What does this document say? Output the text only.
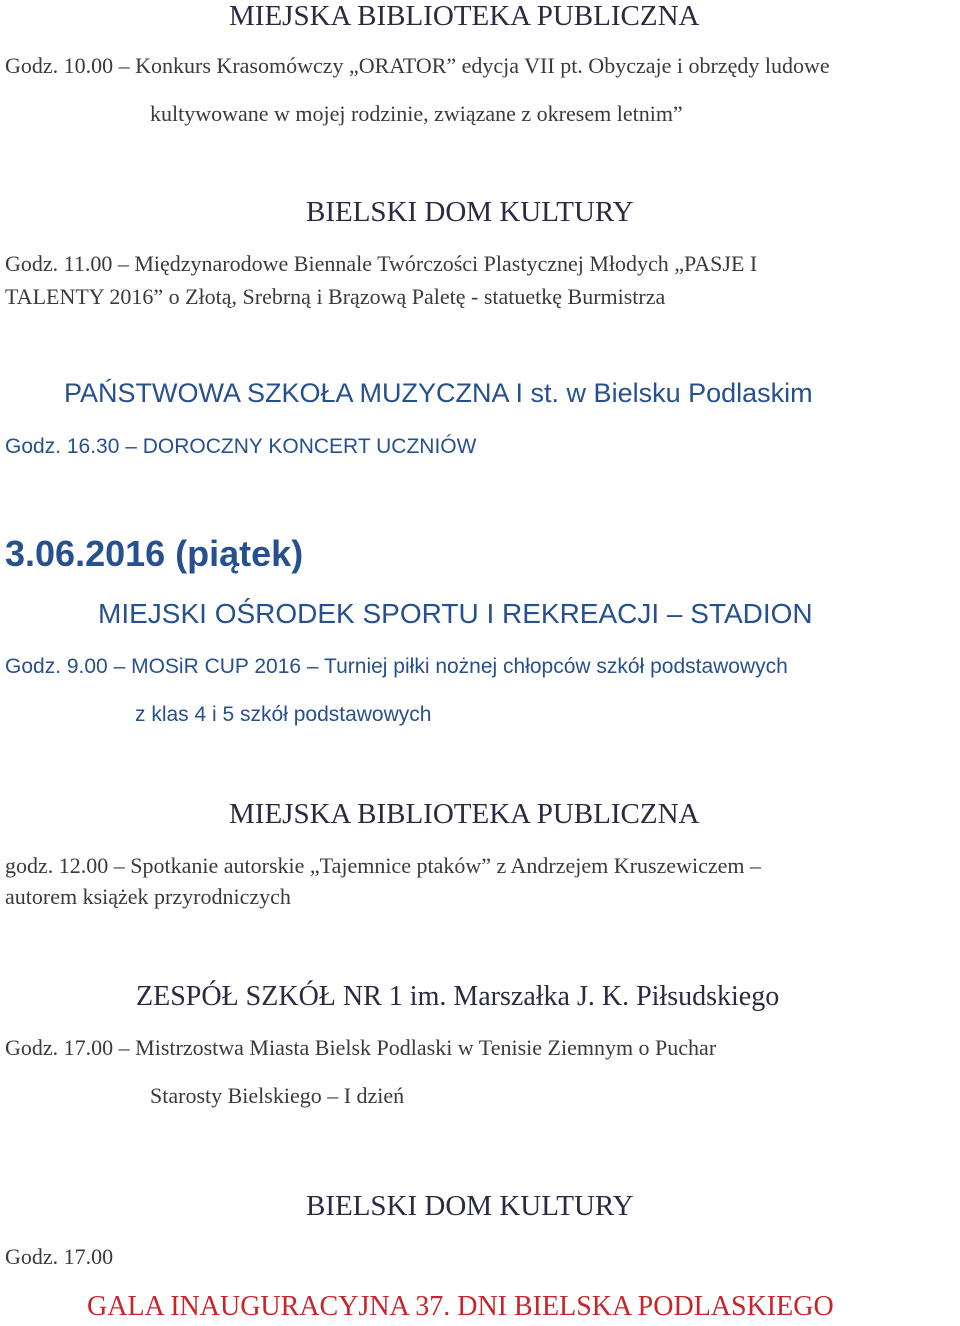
MIEJSKA BIBLIOTEKA PUBLICZNA
Godz. 10.00 – Konkurs Krasomówczy „ORATOR” edycja VII pt. Obyczaje i obrzędy ludowe
kultywowane w mojej rodzinie, związane z okresem letnim”
BIELSKI DOM KULTURY
Godz. 11.00 – Międzynarodowe Biennale Twórczości Plastycznej Młodych „PASJE I
TALENTY 2016” o Złotą, Srebrną i Brązową Paletę - statuetkę Burmistrza
PAŃSTWOWA SZKOŁA MUZYCZNA I st. w Bielsku Podlaskim
Godz. 16.30 – DOROCZNY KONCERT UCZNIÓW
3.06.2016 (piątek)
MIEJSKI OŚRODEK SPORTU I REKREACJI – STADION
Godz. 9.00 – MOSiR CUP 2016 – Turniej piłki nożnej chłopców szkół podstawowych
z klas 4 i 5 szkół podstawowych
MIEJSKA BIBLIOTEKA PUBLICZNA
godz. 12.00 – Spotkanie autorskie „Tajemnice ptaków” z Andrzejem Kruszewiczem –
autorem książek przyrodniczych
ZESPÓŁ SZKÓŁ NR 1 im. Marszałka J. K. Piłsudskiego
Godz. 17.00 – Mistrzostwa Miasta Bielsk Podlaski w Tenisie Ziemnym o Puchar
Starosty Bielskiego – I dzień
BIELSKI DOM KULTURY
Godz. 17.00
GALA INAUGURACYJNA 37. DNI BIELSKA PODLASKIEGO
